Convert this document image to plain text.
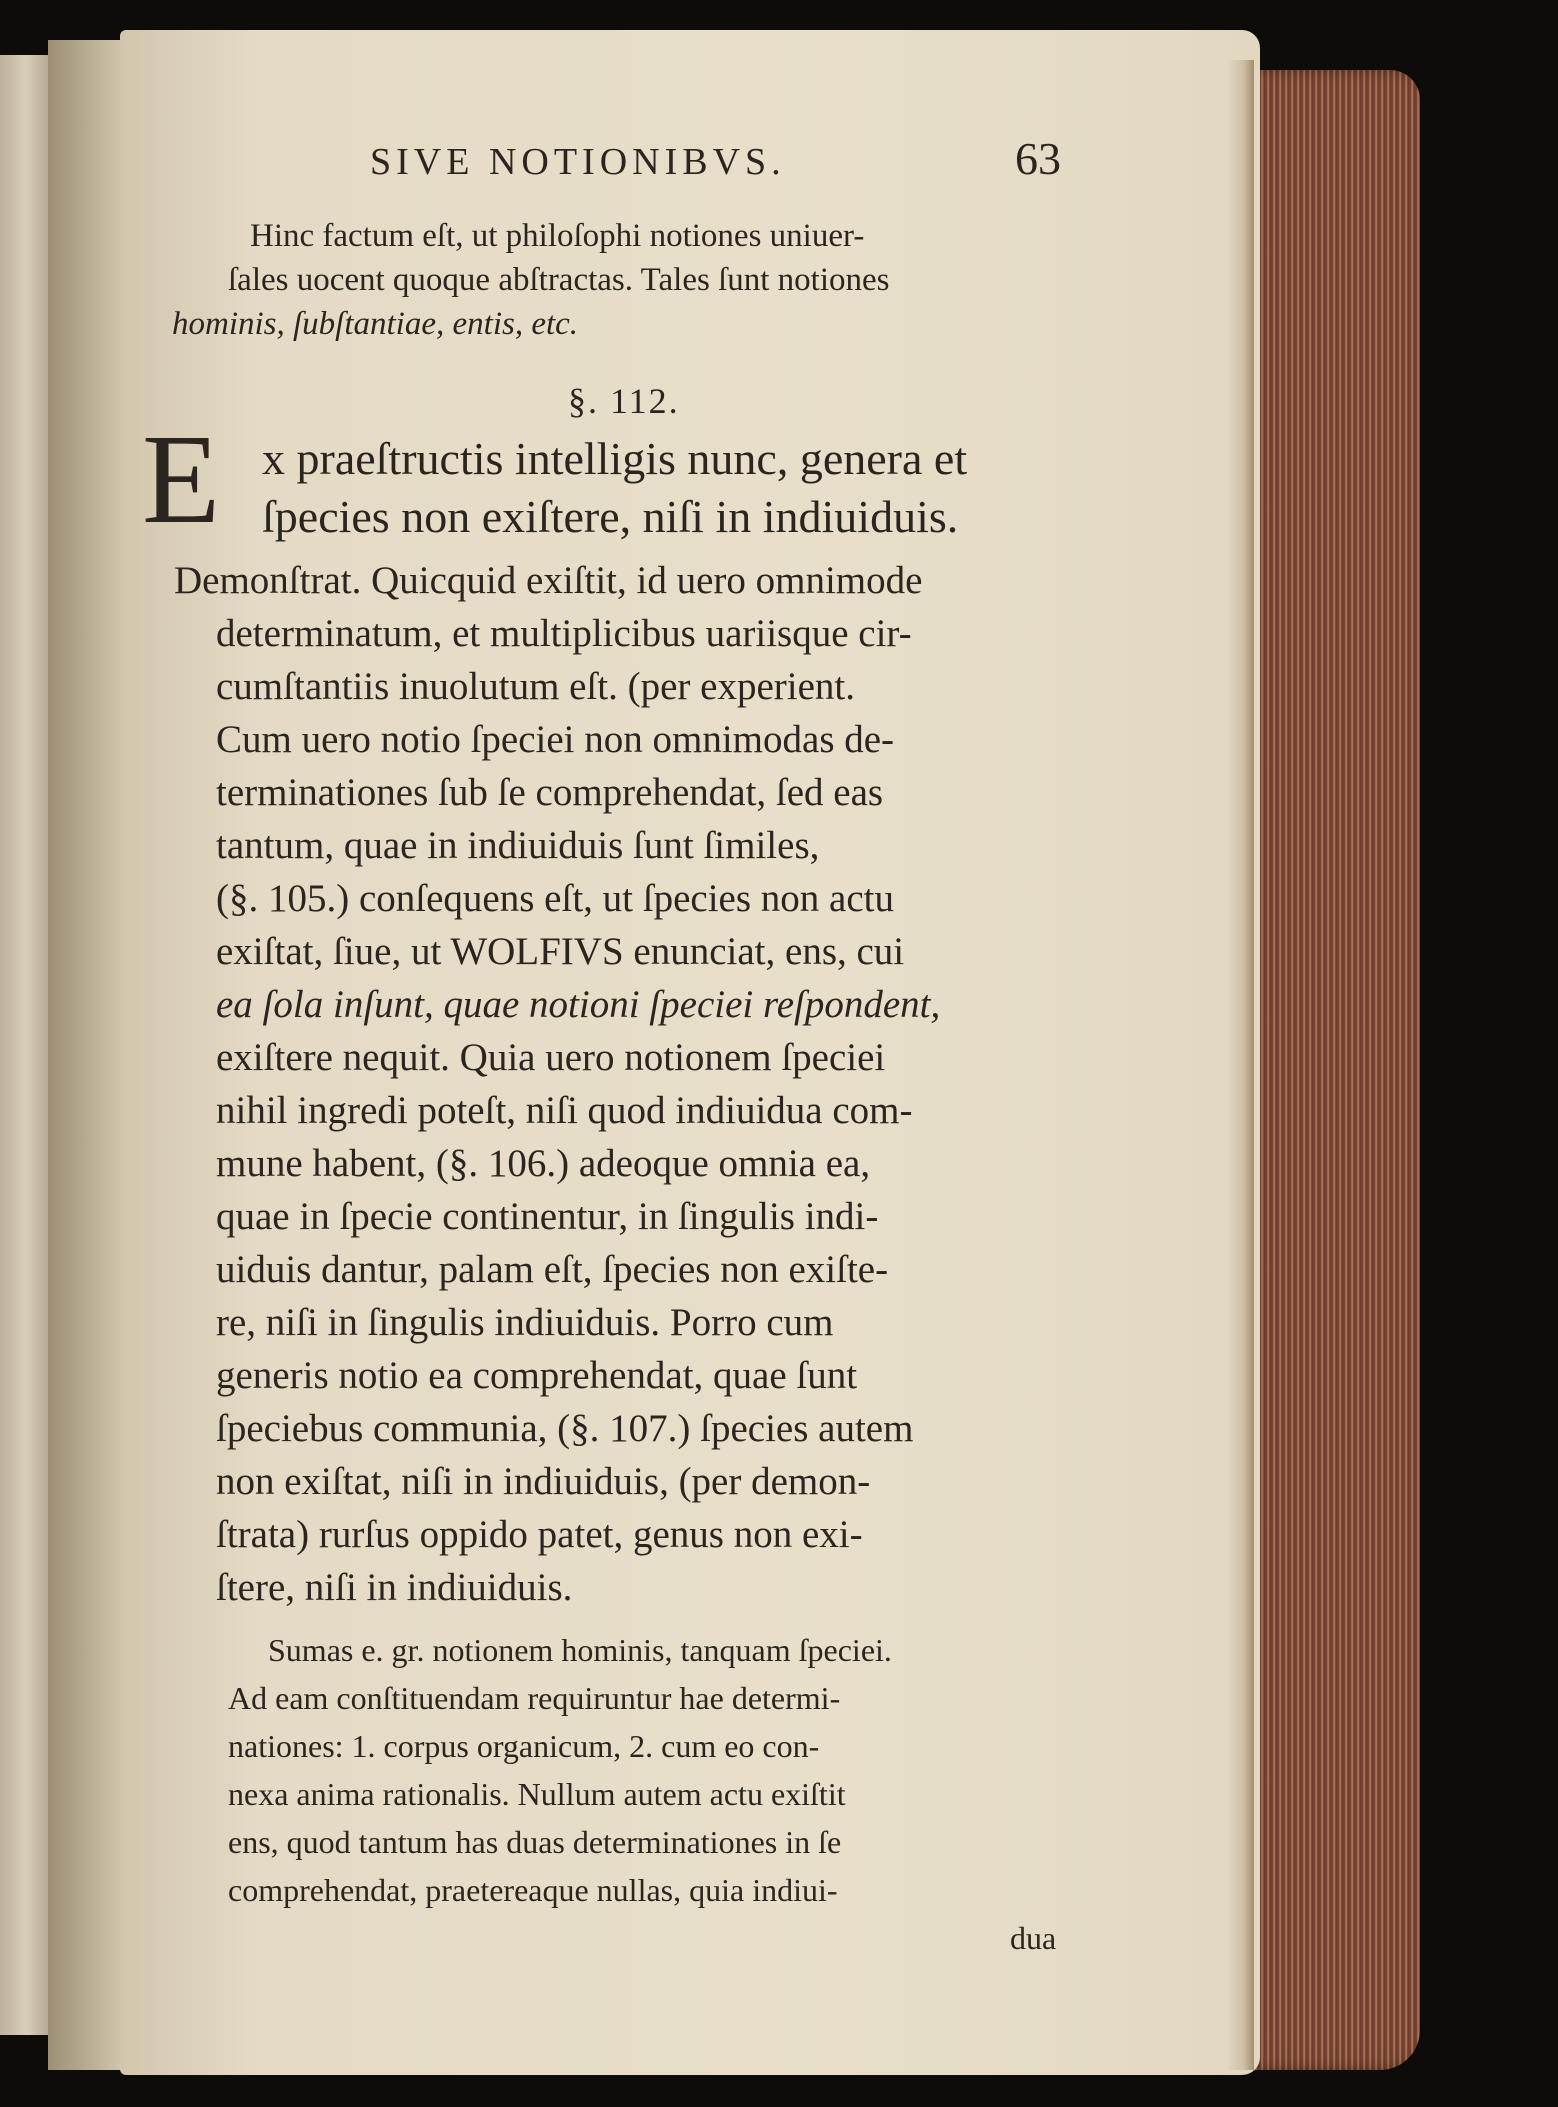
SIVE NOTIONIBVS.	63
Hinc factum eſt, ut philoſophi notiones uniuer-
ſales uocent quoque abſtractas. Tales ſunt notiones
hominis, ſubſtantiae, entis, etc.
§. 112.
E x praeſtructis intelligis nunc, genera et
ſpecies non exiſtere, niſi in indiuiduis.
Demonſtrat. Quicquid exiſtit, id uero omnimode
determinatum, et multiplicibus uariisque cir-
cumſtantiis inuolutum eſt. (per experient.
Cum uero notio ſpeciei non omnimodas de-
terminationes ſub ſe comprehendat, ſed eas
tantum, quae in indiuiduis ſunt ſimiles,
(§. 105.) conſequens eſt, ut ſpecies non actu
exiſtat, ſiue, ut WOLFIVS enunciat, ens, cui
ea ſola inſunt, quae notioni ſpeciei reſpondent,
exiſtere nequit. Quia uero notionem ſpeciei
nihil ingredi poteſt, niſi quod indiuidua com-
mune habent, (§. 106.) adeoque omnia ea,
quae in ſpecie continentur, in ſingulis indi-
uiduis dantur, palam eſt, ſpecies non exiſte-
re, niſi in ſingulis indiuiduis. Porro cum
generis notio ea comprehendat, quae ſunt
ſpeciebus communia, (§. 107.) ſpecies autem
non exiſtat, niſi in indiuiduis, (per demon-
ſtrata) rurſus oppido patet, genus non exi-
ſtere, niſi in indiuiduis.
Sumas e. gr. notionem hominis, tanquam ſpeciei.
Ad eam conſtituendam requiruntur hae determi-
nationes: 1. corpus organicum, 2. cum eo con-
nexa anima rationalis. Nullum autem actu exiſtit
ens, quod tantum has duas determinationes in ſe
comprehendat, praetereaque nullas, quia indiui-
dua
